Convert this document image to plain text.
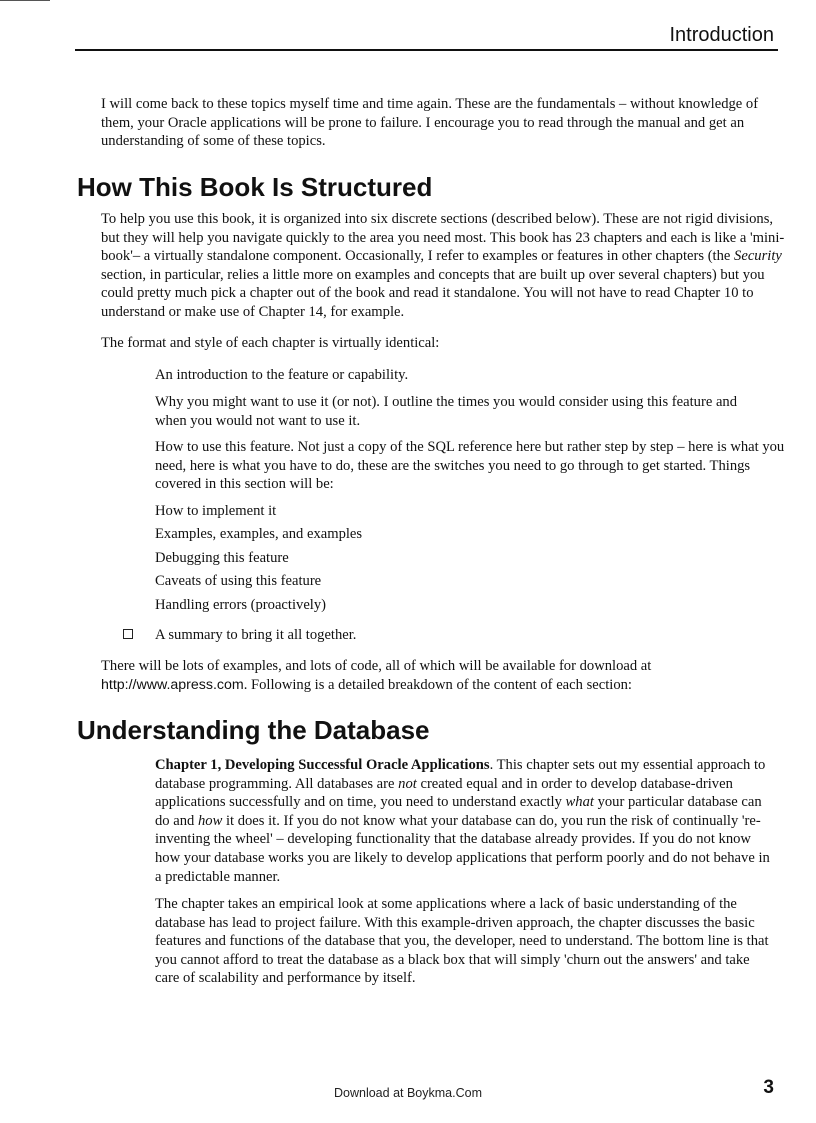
Introduction

I will come back to these topics myself time and time again. These are the fundamentals – without knowledge of them, your Oracle applications will be prone to failure. I encourage you to read through the manual and get an understanding of some of these topics.

How This Book Is Structured

To help you use this book, it is organized into six discrete sections (described below). These are not rigid divisions, but they will help you navigate quickly to the area you need most. This book has 23 chapters and each is like a 'mini-book'– a virtually standalone component. Occasionally, I refer to examples or features in other chapters (the Security section, in particular, relies a little more on examples and concepts that are built up over several chapters) but you could pretty much pick a chapter out of the book and read it standalone. You will not have to read Chapter 10 to understand or make use of Chapter 14, for example.

The format and style of each chapter is virtually identical:

An introduction to the feature or capability.

Why you might want to use it (or not). I outline the times you would consider using this feature and when you would not want to use it.

How to use this feature. Not just a copy of the SQL reference here but rather step by step – here is what you need, here is what you have to do, these are the switches you need to go through to get started. Things covered in this section will be:

How to implement it

Examples, examples, and examples

Debugging this feature

Caveats of using this feature

Handling errors (proactively)

A summary to bring it all together.

There will be lots of examples, and lots of code, all of which will be available for download at http://www.apress.com. Following is a detailed breakdown of the content of each section:

Understanding the Database

Chapter 1, Developing Successful Oracle Applications. This chapter sets out my essential approach to database programming. All databases are not created equal and in order to develop database-driven applications successfully and on time, you need to understand exactly what your particular database can do and how it does it. If you do not know what your database can do, you run the risk of continually 're-inventing the wheel' – developing functionality that the database already provides. If you do not know how your database works you are likely to develop applications that perform poorly and do not behave in a predictable manner.

The chapter takes an empirical look at some applications where a lack of basic understanding of the database has lead to project failure. With this example-driven approach, the chapter discusses the basic features and functions of the database that you, the developer, need to understand. The bottom line is that you cannot afford to treat the database as a black box that will simply 'churn out the answers' and take care of scalability and performance by itself.

Download at Boykma.Com	3
